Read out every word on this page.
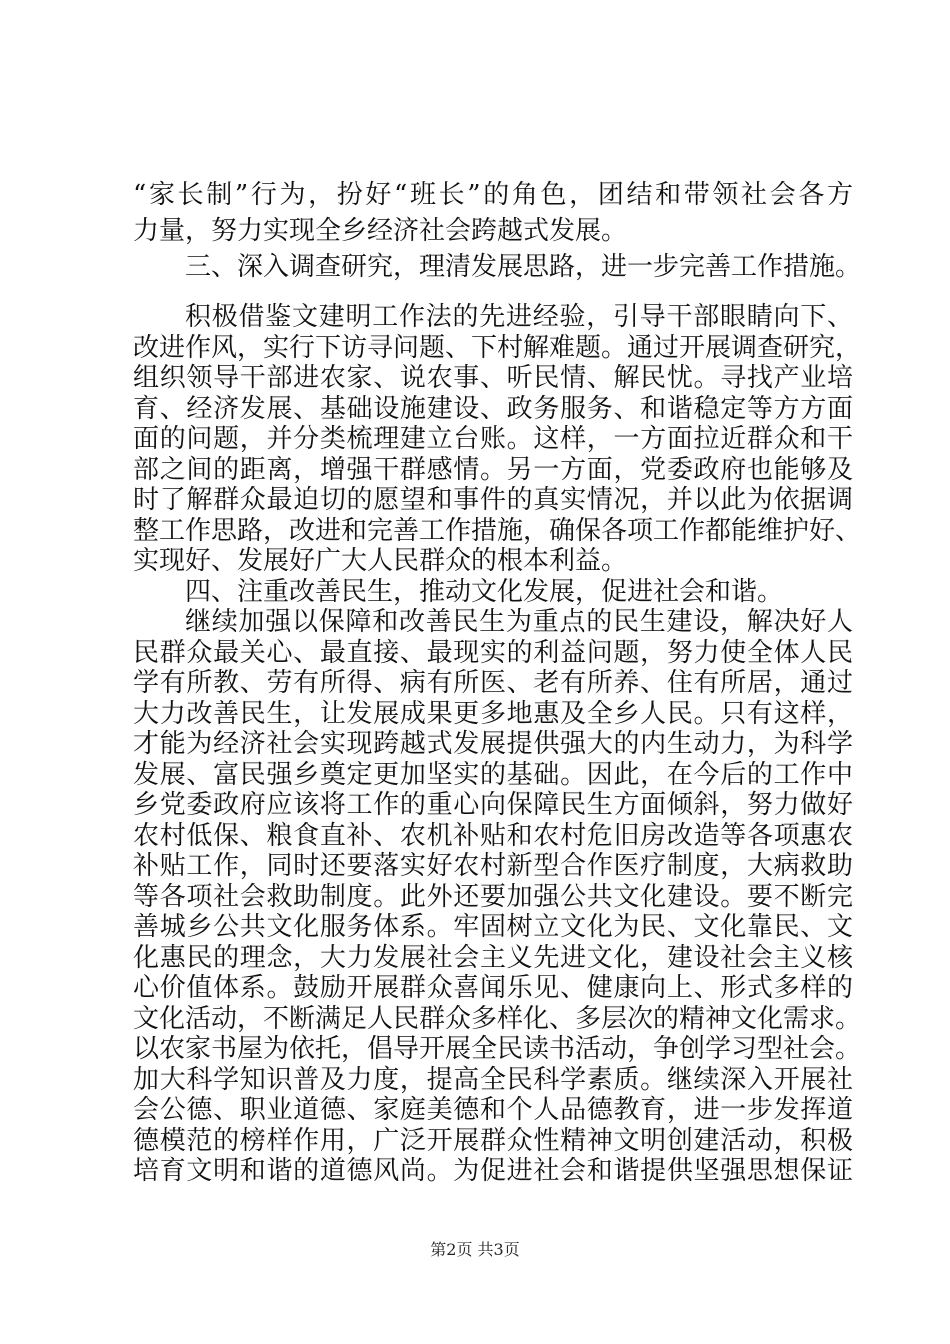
“家长制”行为，扮好“班长”的角色，团结和带领社会各方
力量，努力实现全乡经济社会跨越式发展。
三、深入调查研究，理清发展思路，进一步完善工作措施。
积极借鉴文建明工作法的先进经验，引导干部眼睛向下、
改进作风，实行下访寻问题、下村解难题。通过开展调查研究，
组织领导干部进农家、说农事、听民情、解民忧。寻找产业培
育、经济发展、基础设施建设、政务服务、和谐稳定等方方面
面的问题，并分类梳理建立台账。这样，一方面拉近群众和干
部之间的距离，增强干群感情。另一方面，党委政府也能够及
时了解群众最迫切的愿望和事件的真实情况，并以此为依据调
整工作思路，改进和完善工作措施，确保各项工作都能维护好、
实现好、发展好广大人民群众的根本利益。
四、注重改善民生，推动文化发展，促进社会和谐。
继续加强以保障和改善民生为重点的民生建设，解决好人
民群众最关心、最直接、最现实的利益问题，努力使全体人民
学有所教、劳有所得、病有所医、老有所养、住有所居，通过
大力改善民生，让发展成果更多地惠及全乡人民。只有这样，
才能为经济社会实现跨越式发展提供强大的内生动力，为科学
发展、富民强乡奠定更加坚实的基础。因此，在今后的工作中
乡党委政府应该将工作的重心向保障民生方面倾斜，努力做好
农村低保、粮食直补、农机补贴和农村危旧房改造等各项惠农
补贴工作，同时还要落实好农村新型合作医疗制度，大病救助
等各项社会救助制度。此外还要加强公共文化建设。要不断完
善城乡公共文化服务体系。牢固树立文化为民、文化靠民、文
化惠民的理念，大力发展社会主义先进文化，建设社会主义核
心价值体系。鼓励开展群众喜闻乐见、健康向上、形式多样的
文化活动，不断满足人民群众多样化、多层次的精神文化需求。
以农家书屋为依托，倡导开展全民读书活动，争创学习型社会。
加大科学知识普及力度，提高全民科学素质。继续深入开展社
会公德、职业道德、家庭美德和个人品德教育，进一步发挥道
德模范的榜样作用，广泛开展群众性精神文明创建活动，积极
培育文明和谐的道德风尚。为促进社会和谐提供坚强思想保证
第2页 共3页
